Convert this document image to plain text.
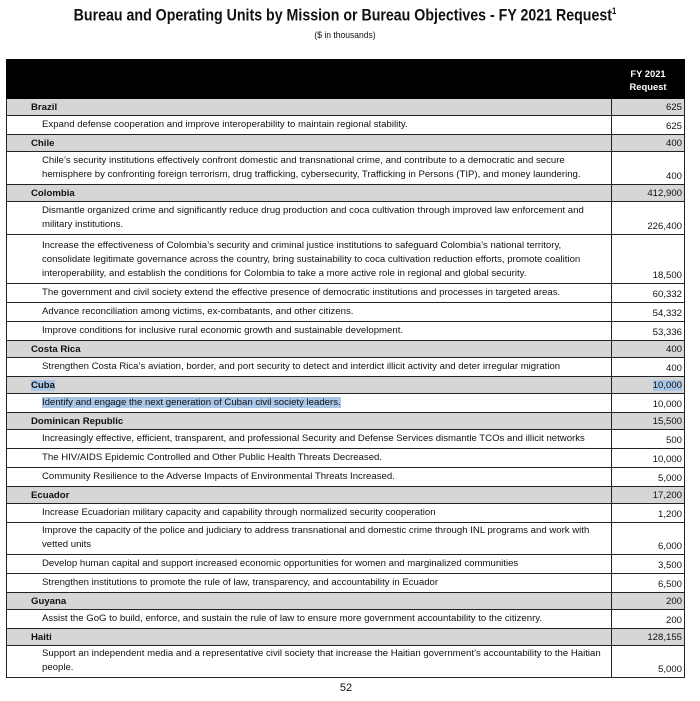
Bureau and Operating Units by Mission or Bureau Objectives - FY 2021 Request$^1$
($ in thousands)
	FY 2021
Request
Brazil	625

Expand defense cooperation and improve interoperability to maintain regional stability.	625
Chile	400

Chile’s security institutions effectively confront domestic and transnational crime, and contribute to a democratic and secure hemisphere by confronting foreign terrorism, drug trafficking, cybersecurity, Trafficking in Persons (TIP), and money laundering.	400
Colombia	412,900

Dismantle organized crime and significantly reduce drug production and coca cultivation through improved law enforcement and military institutions.	226,400

Increase the effectiveness of Colombia’s security and criminal justice institutions to safeguard Colombia’s national territory, consolidate legitimate governance across the country, bring sustainability to coca cultivation reduction efforts, promote coalition interoperability, and establish the conditions for Colombia to take a more active role in regional and global security.	18,500

The government and civil society extend the effective presence of democratic institutions and processes in targeted areas.	60,332

Advance reconciliation among victims, ex-combatants, and other citizens.	54,332

Improve conditions for inclusive rural economic growth and sustainable development.	53,336
Costa Rica	400

Strengthen Costa Rica’s aviation, border, and port security to detect and interdict illicit activity and deter irregular migration	400
Cuba	10,000

Identify and engage the next generation of Cuban civil society leaders.	10,000
Dominican Republic	15,500

Increasingly effective, efficient, transparent, and professional Security and Defense Services dismantle TCOs and illicit networks	500

The HIV/AIDS Epidemic Controlled and Other Public Health Threats Decreased.	10,000

Community Resilience to the Adverse Impacts of Environmental Threats Increased.	5,000
Ecuador	17,200

Increase Ecuadorian military capacity and capability through normalized security cooperation	1,200

Improve the capacity of the police and judiciary to address transnational and domestic crime through INL programs and work with vetted units	6,000

Develop human capital and support increased economic opportunities for women and marginalized communities	3,500

Strengthen institutions to promote the rule of law, transparency, and accountability in Ecuador	6,500
Guyana	200

Assist the GoG to build, enforce, and sustain the rule of law to ensure more government accountability to the citizenry.	200
Haiti	128,155

Support an independent media and a representative civil society that increase the Haitian government’s accountability to the Haitian people.	5,000
52
